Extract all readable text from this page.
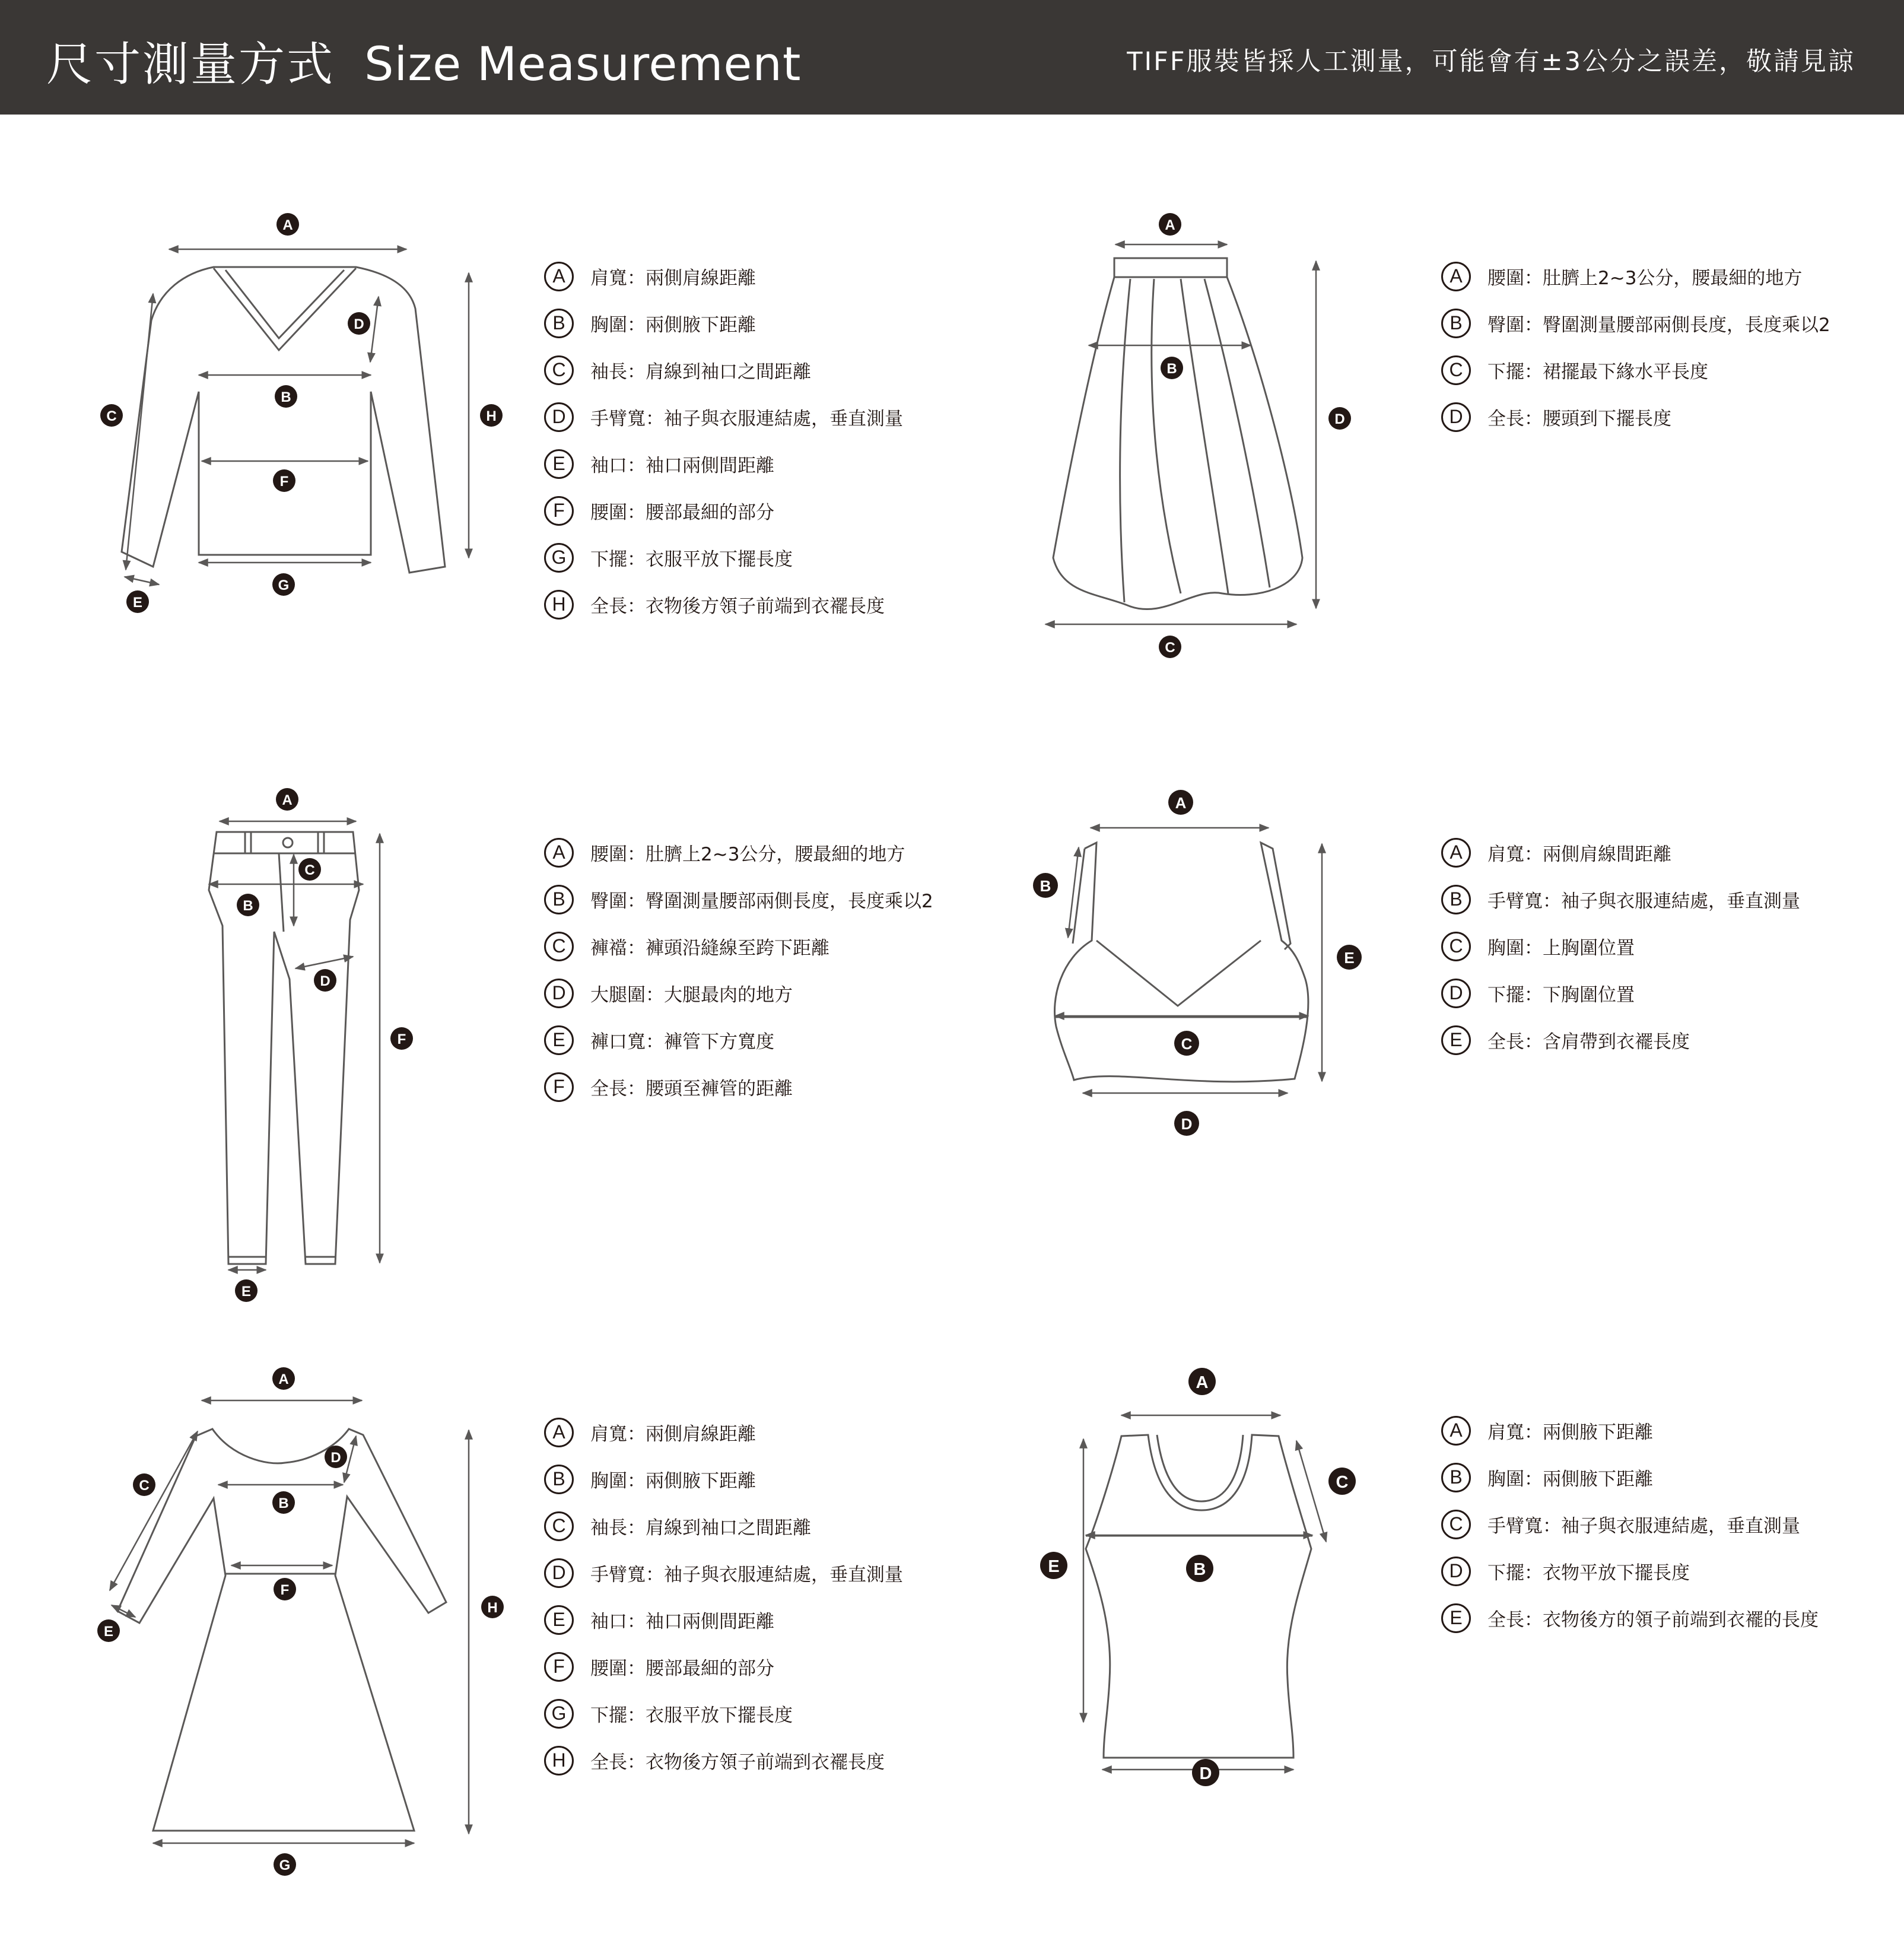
尺寸測量方式 Size Measurement	TIFF服裝皆採人工測量，可能會有±3公分之誤差，敬請見諒
A
B
C
D
E
F
G
H
A
B
C
D
A
B
C
D
E
F
A
B
C
D
E
A
B
C
D
E
F
G
H
A
B
C
D
E
A	肩寬：兩側肩線距離
B	胸圍：兩側腋下距離
C	袖長：肩線到袖口之間距離
D	手臂寬：袖子與衣服連結處，垂直測量
E	袖口：袖口兩側間距離
F	腰圍：腰部最細的部分
G	下擺：衣服平放下擺長度
H	全長：衣物後方領子前端到衣襬長度
A	腰圍：肚臍上2~3公分，腰最細的地方
B	臀圍：臀圍測量腰部兩側長度，長度乘以2
C	下擺：裙擺最下緣水平長度
D	全長：腰頭到下擺長度
A	腰圍：肚臍上2~3公分，腰最細的地方
B	臀圍：臀圍測量腰部兩側長度，長度乘以2
C	褲襠：褲頭沿縫線至跨下距離
D	大腿圍：大腿最肉的地方
E	褲口寬：褲管下方寬度
F	全長：腰頭至褲管的距離
A	肩寬：兩側肩線間距離
B	手臂寬：袖子與衣服連結處，垂直測量
C	胸圍：上胸圍位置
D	下擺：下胸圍位置
E	全長：含肩帶到衣襬長度
A	肩寬：兩側肩線距離
B	胸圍：兩側腋下距離
C	袖長：肩線到袖口之間距離
D	手臂寬：袖子與衣服連結處，垂直測量
E	袖口：袖口兩側間距離
F	腰圍：腰部最細的部分
G	下擺：衣服平放下擺長度
H	全長：衣物後方領子前端到衣襬長度
A	肩寬：兩側腋下距離
B	胸圍：兩側腋下距離
C	手臂寬：袖子與衣服連結處，垂直測量
D	下擺：衣物平放下擺長度
E	全長：衣物後方的領子前端到衣襬的長度
